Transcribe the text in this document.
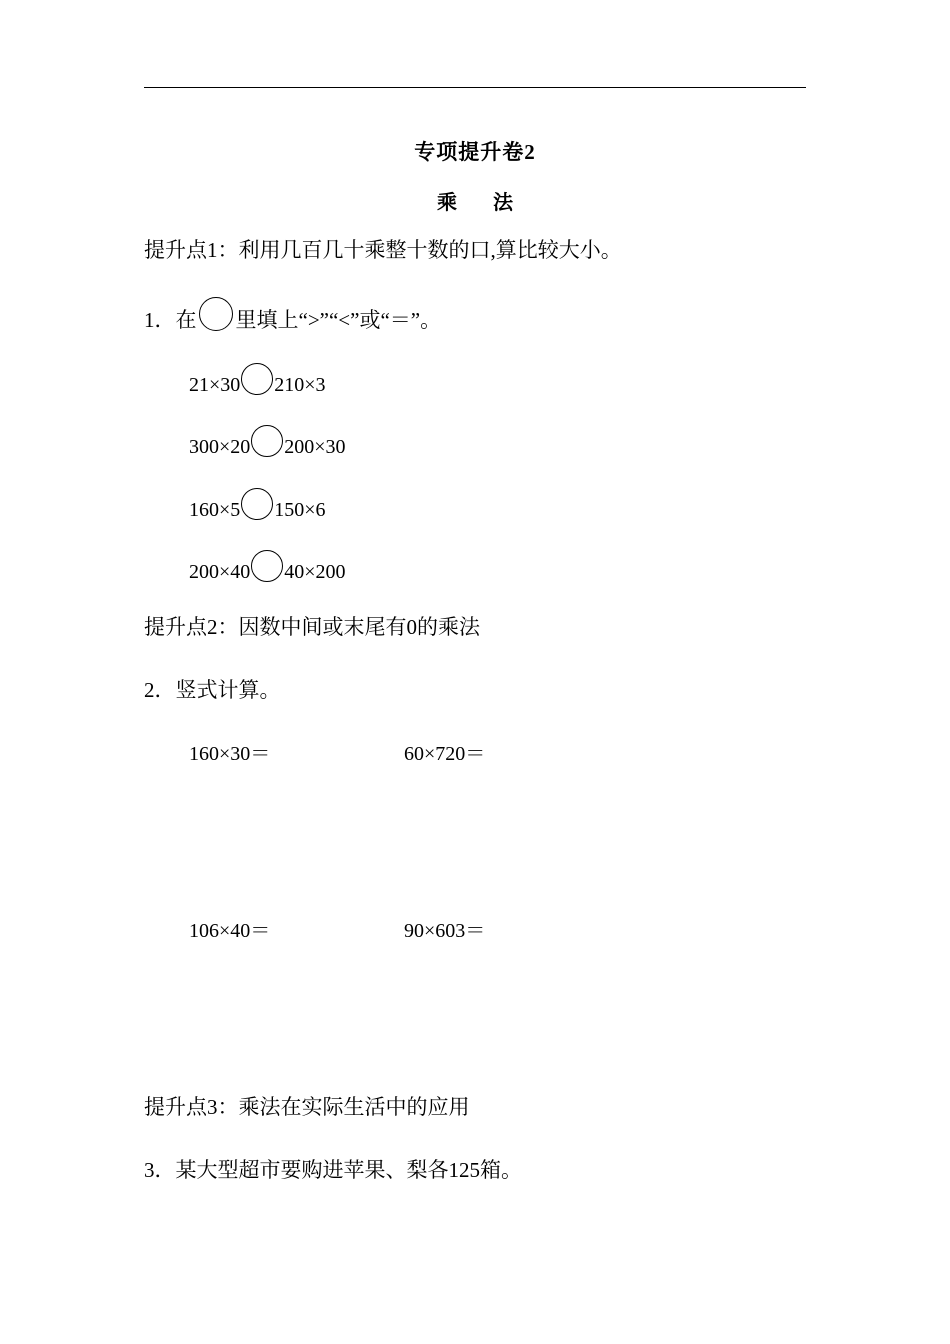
专项提升卷2
乘 法
提升点1：利用几百几十乘整十数的口,算比较大小。
1．在 里填上“>”“<”或“＝”。
21×30 210×3
300×20 200×30
160×5 150×6
200×40 40×200
提升点2：因数中间或末尾有0的乘法
2．竖式计算。
160×30＝	60×720＝
106×40＝	90×603＝
提升点3：乘法在实际生活中的应用
3．某大型超市要购进苹果、梨各125箱。
